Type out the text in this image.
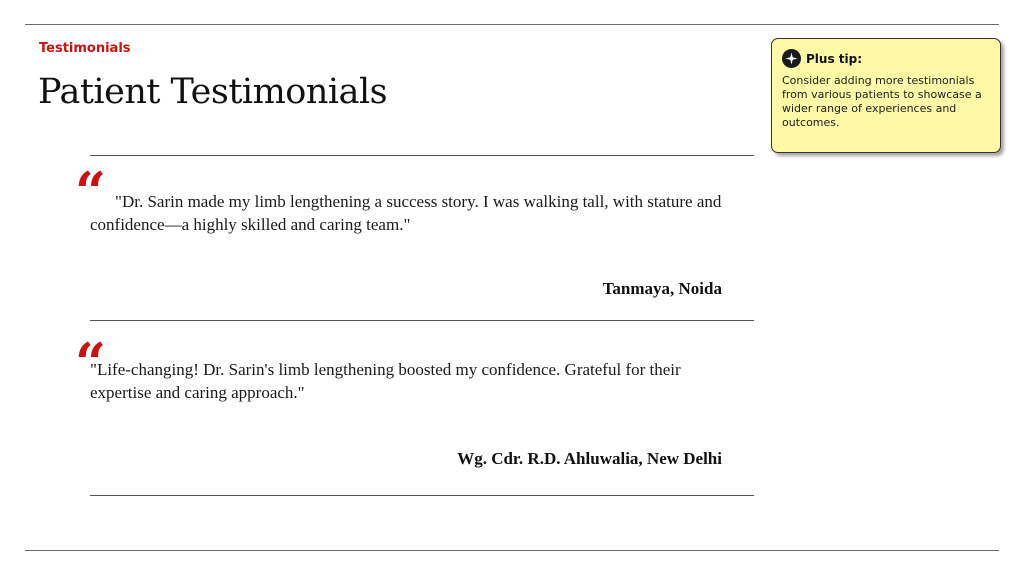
Testimonials
Patient Testimonials
“ "Dr. Sarin made my limb lengthening a success story. I was walking tall, with stature and confidence—a highly skilled and caring team."
Tanmaya, Noida
“
"Life-changing! Dr. Sarin's limb lengthening boosted my confidence. Grateful for their expertise and caring approach."
Wg. Cdr. R.D. Ahluwalia, New Delhi
Plus tip:
Consider adding more testimonials from various patients to showcase a wider range of experiences and outcomes.
